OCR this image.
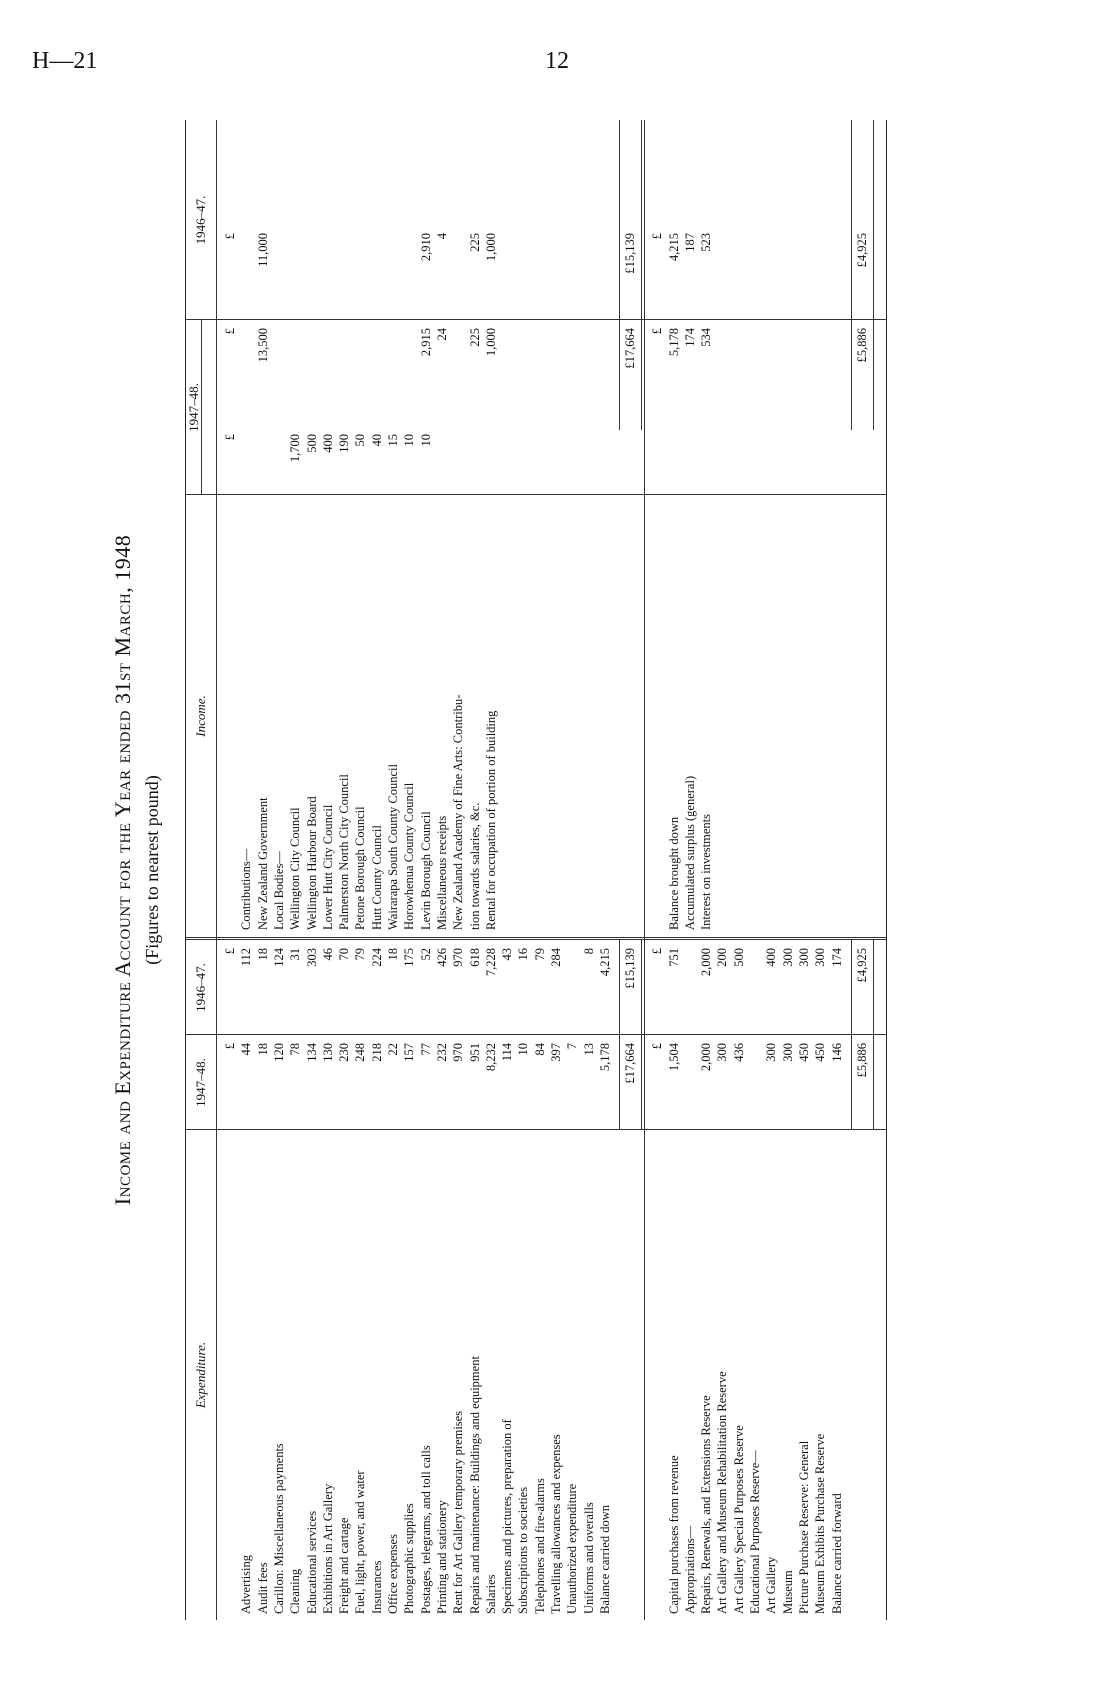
H—21	12
Income and Expenditure Account for the Year ended 31st March, 1948 (Figures to nearest pound)
Expenditure.
1947–48.
1946–47.
Income.
1947–48.
1946–47.
£
£
Advertising
44
112
Audit fees
18
18
Carillon: Miscellaneous payments
120
124
Cleaning
78
31
Educational services
134
303
Exhibitions in Art Gallery
130
46
Freight and cartage
230
70
Fuel, light, power, and water
248
79
Insurances
218
224
Office expenses
22
18
Photographic supplies
157
175
Postages, telegrams, and toll calls
77
52
Printing and stationery
232
426
Rent for Art Gallery temporary premises
970
970
Repairs and maintenance: Buildings and equipment
951
618
Salaries
8,232
7,228
Specimens and pictures, preparation of
114
43
Subscriptions to societies
10
16
Telephones and fire-alarms
84
79
Travelling allowances and expenses
397
284
Unauthorized expenditure
7
Uniforms and overalls
13
8
Balance carried down
5,178
4,215
£17,664
£15,139
£17,664
£15,139
£
£
Capital purchases from revenue
1,504
751
Appropriations— Repairs, Renewals, and Extensions Reserve
2,000
2,000
Art Gallery and Museum Rehabilitation Reserve
300
200
Art Gallery Special Purposes Reserve
436
500
Educational Purposes Reserve— Art Gallery
300
400
Museum
300
300
Picture Purchase Reserve: General
450
300
Museum Exhibits Purchase Reserve
450
300
Balance carried forward
146
174
£5,886
£4,925
£5,886
£4,925
£
£
£
Contributions— New Zealand Government
13,500
11,000
Local Bodies— Wellington City Council
1,700
Wellington Harbour Board
500
Lower Hutt City Council
400
Palmerston North City Council
190
Petone Borough Council
50
Hutt County Council
40
Wairarapa South County Council
15
Horowhenua County Council
10
Levin Borough Council
10
2,915
2,910
Miscellaneous receipts
24
4
New Zealand Academy of Fine Arts: Contribu- tion towards salaries, &c.
225
225
Rental for occupation of portion of building
1,000
1,000
£
£
Balance brought down
5,178
4,215
Accumulated surplus (general)
174
187
Interest on investments
534
523
